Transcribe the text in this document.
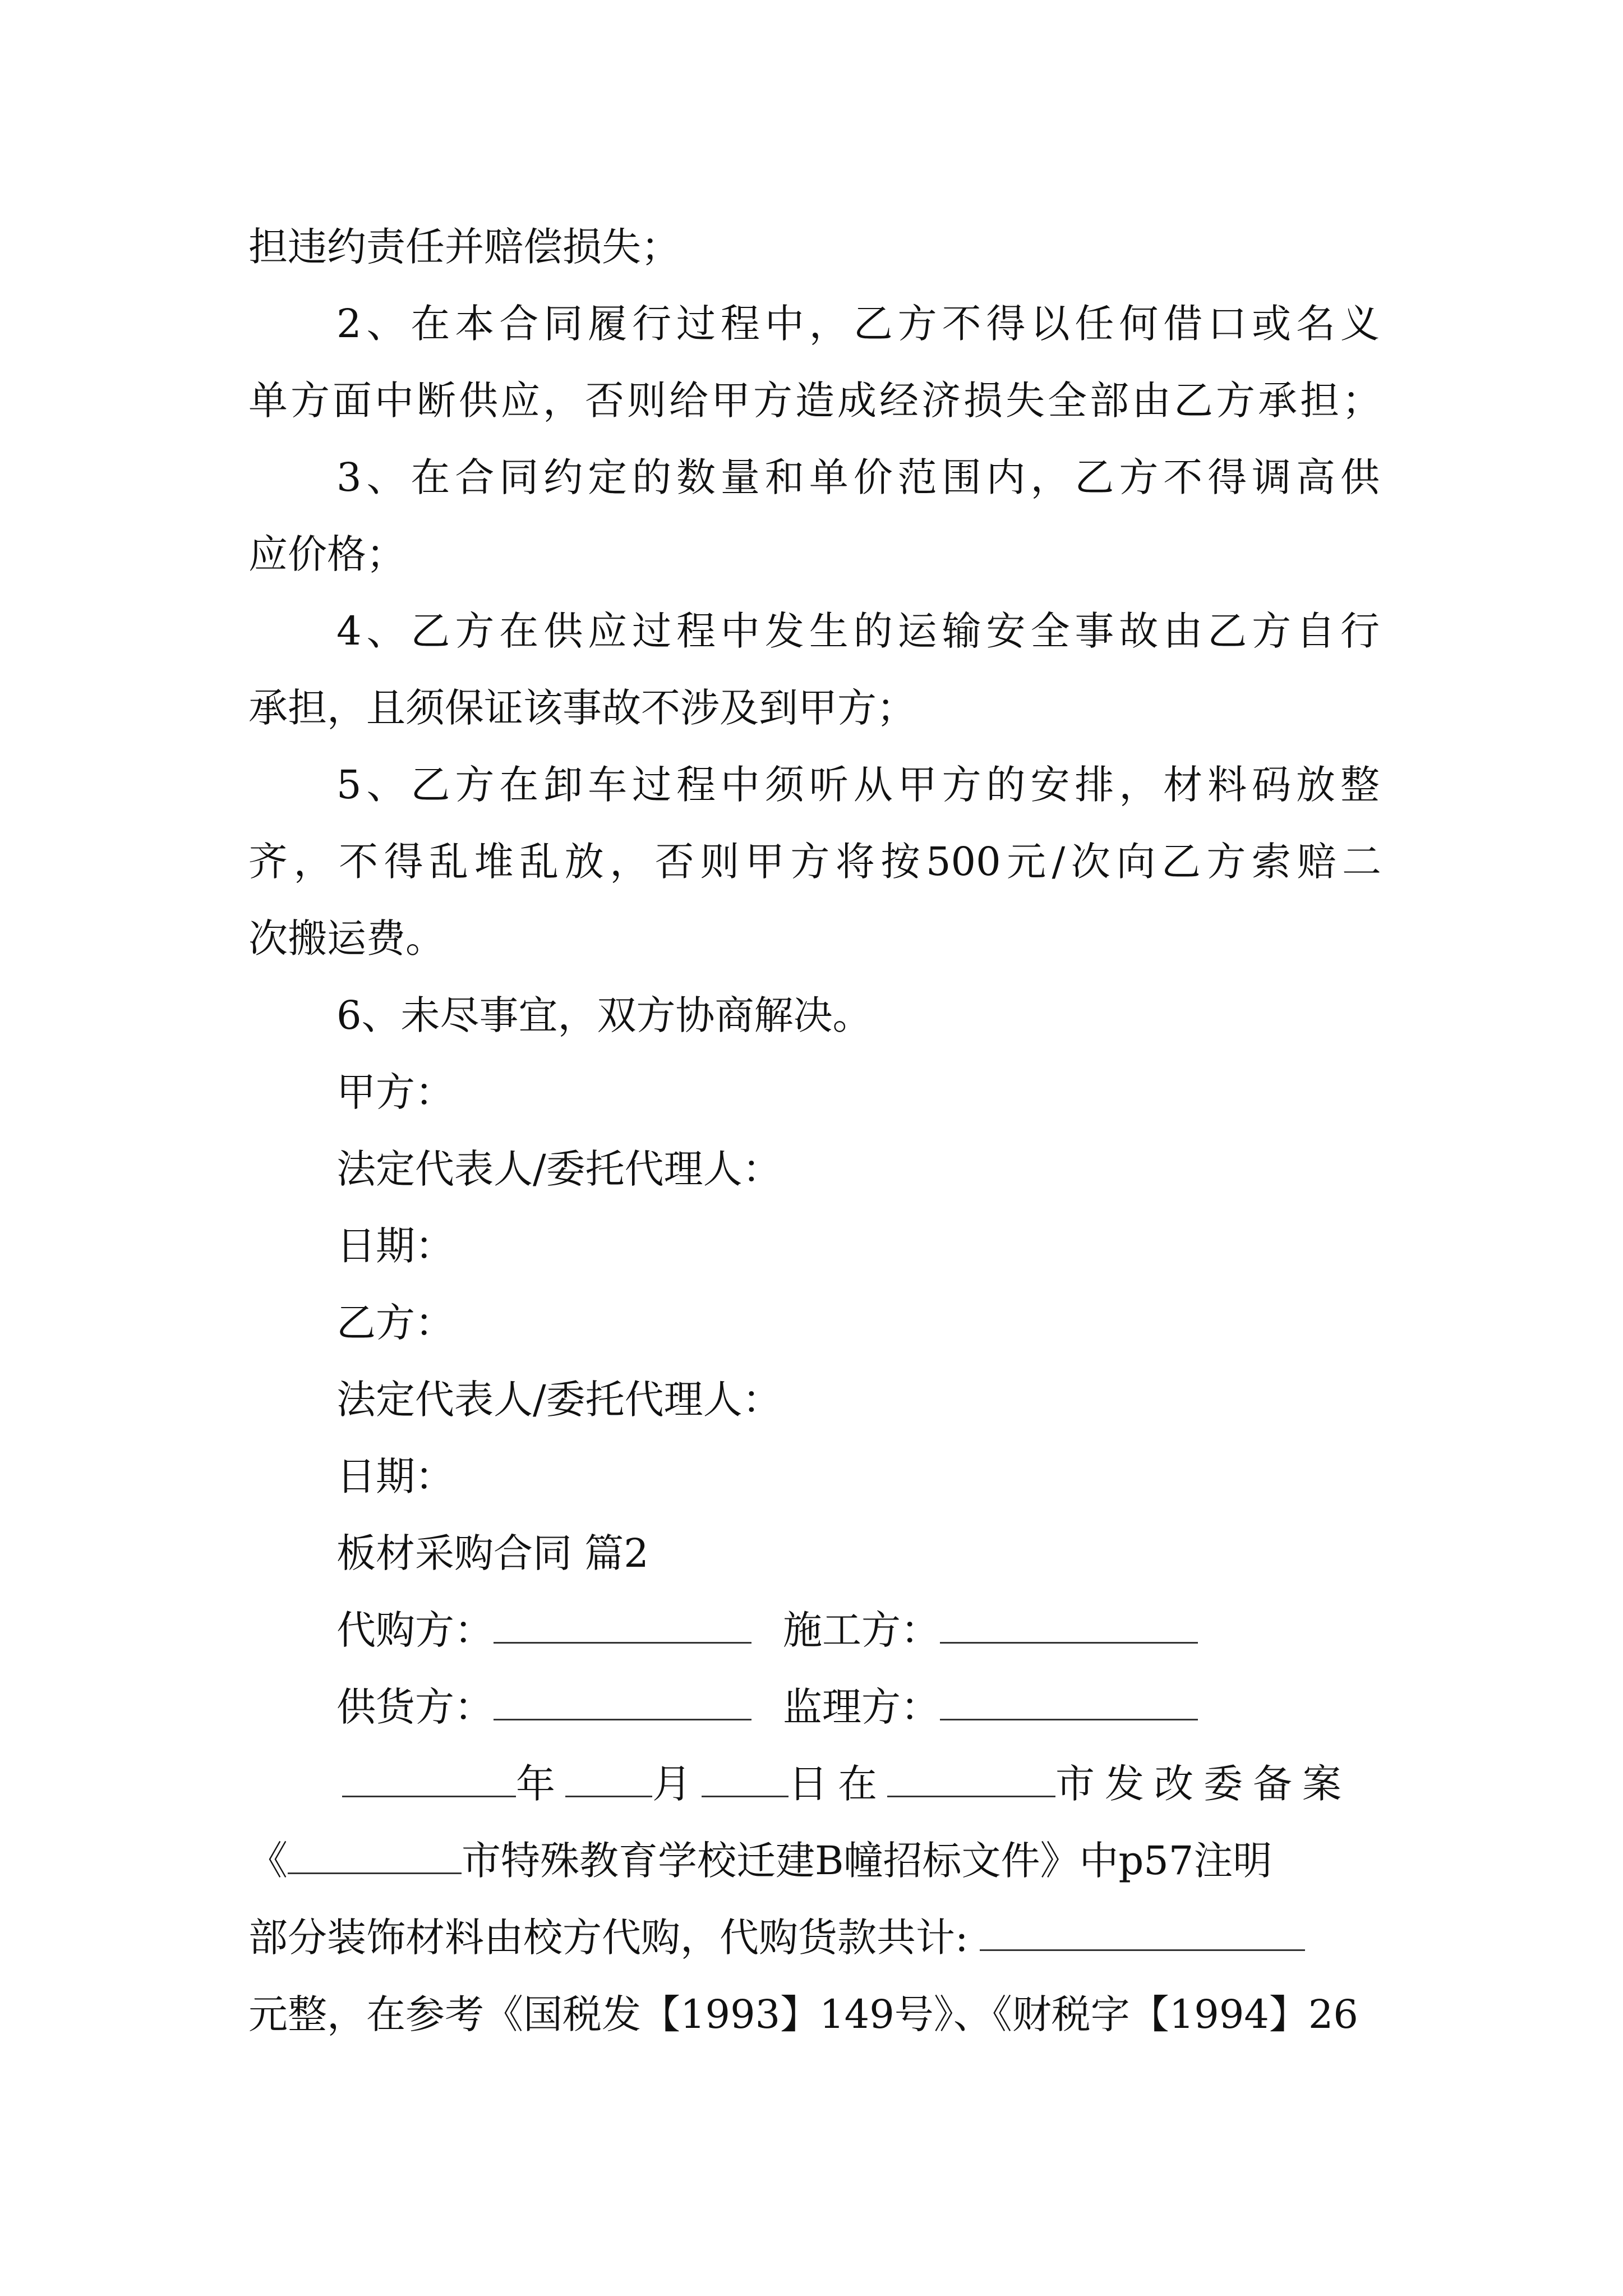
担违约责任并赔偿损失；
2、在本合同履行过程中，乙方不得以任何借口或名义
单方面中断供应，否则给甲方造成经济损失全部由乙方承担；
3、在合同约定的数量和单价范围内，乙方不得调高供
应价格；
4、乙方在供应过程中发生的运输安全事故由乙方自行
承担，且须保证该事故不涉及到甲方；
5、乙方在卸车过程中须听从甲方的安排，材料码放整
齐，不得乱堆乱放，否则甲方将按500元/次向乙方索赔二
次搬运费。
6、未尽事宜，双方协商解决。
甲方：
法定代表人/委托代理人：
日期：
乙方：
法定代表人/委托代理人：
日期：
板材采购合同 篇2
代购方：	施工方：
供货方：	监理方：
年 月 日在	市发改委备案
《	市特殊教育学校迁建B幢招标文件》中p57注明
部分装饰材料由校方代购，代购货款共计:
元整，在参考《国税发【1993】149号》、《财税字【1994】26
